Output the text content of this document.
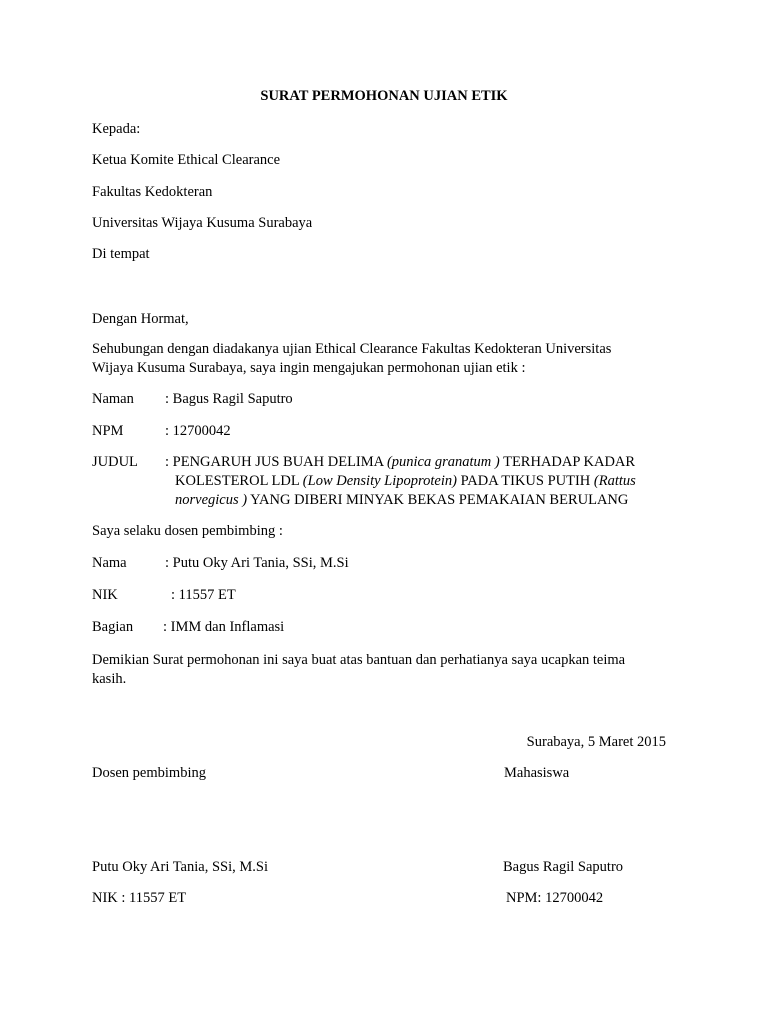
SURAT PERMOHONAN UJIAN ETIK
Kepada:
Ketua Komite Ethical Clearance
Fakultas Kedokteran
Universitas Wijaya Kusuma Surabaya
Di tempat
Dengan Hormat,
Sehubungan dengan diadakanya ujian Ethical Clearance Fakultas Kedokteran Universitas
Wijaya Kusuma Surabaya, saya ingin mengajukan permohonan ujian etik :
Naman : Bagus Ragil Saputro
NPM	: 12700042
JUDUL : PENGARUH JUS BUAH DELIMA (punica granatum ) TERHADAP KADAR
KOLESTEROL LDL (Low Density Lipoprotein) PADA TIKUS PUTIH (Rattus
norvegicus ) YANG DIBERI MINYAK BEKAS PEMAKAIAN BERULANG
Saya selaku dosen pembimbing :
Nama	: Putu Oky Ari Tania, SSi, M.Si
NIK	: 11557 ET
Bagian : IMM dan Inflamasi
Demikian Surat permohonan ini saya buat atas bantuan dan perhatianya saya ucapkan teima
kasih.
Surabaya, 5 Maret 2015
Dosen pembimbing	Mahasiswa
Putu Oky Ari Tania, SSi, M.Si	Bagus Ragil Saputro
NIK : 11557 ET	NPM: 12700042
